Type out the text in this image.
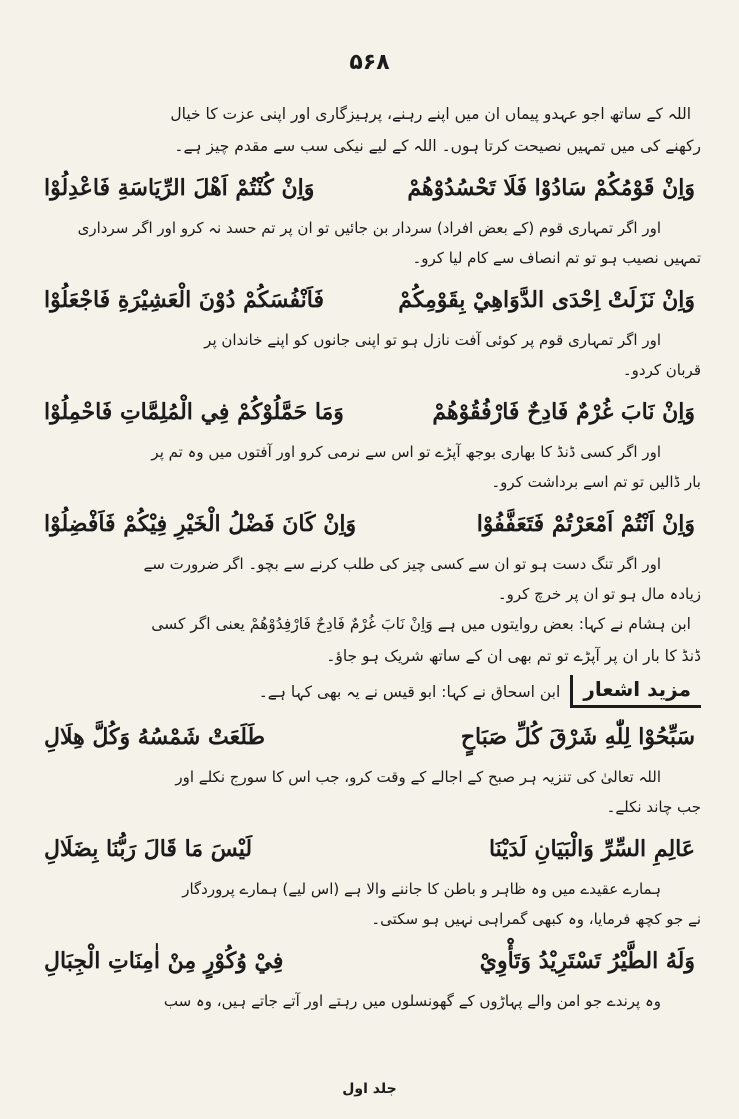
۵۶۸
اللہ کے ساتھ اجو عہدو پیماں ان میں اپنے رہنے، پرہیزگاری اور اپنی عزت کا خیال
رکھنے کی میں تمہیں نصیحت کرتا ہوں۔ اللہ کے لیے نیکی سب سے مقدم چیز ہے۔
وَاِنْ قَوْمُكُمْ سَادُوْا فَلَا تَحْسُدُوْهُمْ
وَاِنْ كُنْتُمْ اَهْلَ الرِّيَاسَةِ فَاعْدِلُوْا
اور اگر تمہاری قوم (کے بعض افراد) سردار بن جائیں تو ان پر تم حسد نہ کرو اور اگر سرداری
تمہیں نصیب ہو تو تم انصاف سے کام لیا کرو۔
وَاِنْ نَزَلَتْ اِحْدَى الدَّوَاهِيْ بِقَوْمِكُمْ
فَاَنْفُسَكُمْ دُوْنَ الْعَشِيْرَةِ فَاجْعَلُوْا
اور اگر تمہاری قوم پر کوئی آفت نازل ہو تو اپنی جانوں کو اپنے خاندان پر
قربان کردو۔
وَاِنْ نَابَ غُرْمٌ فَادِحٌ فَارْفُقُوْهُمْ
وَمَا حَمَّلُوْكُمْ فِي الْمُلِمَّاتِ فَاحْمِلُوْا
اور اگر کسی ڈنڈ کا بھاری بوجھ آپڑے تو اس سے نرمی کرو اور آفتوں میں وہ تم پر
بار ڈالیں تو تم اسے برداشت کرو۔
وَاِنْ اَنْتُمْ اَمْعَرْتُمْ فَتَعَفَّفُوْا
وَاِنْ كَانَ فَضْلُ الْخَيْرِ فِيْكُمْ فَاَفْضِلُوْا
اور اگر تنگ دست ہو تو ان سے کسی چیز کی طلب کرنے سے بچو۔ اگر ضرورت سے
زیادہ مال ہو تو ان پر خرچ کرو۔
ابن ہشام نے کہا: بعض روایتوں میں ہے وَاِنْ نَابَ غُرْمٌ فَادِحٌ فَارْفِدُوْهُمْ یعنی اگر کسی
ڈنڈ کا بار ان پر آپڑے تو تم بھی ان کے ساتھ شریک ہو جاؤ۔
مزید اشعار
ابن اسحاق نے کہا: ابو قیس نے یہ بھی کہا ہے۔
سَبِّحُوْا لِلّٰهِ شَرْقَ كُلِّ صَبَاحٍ
طَلَعَتْ شَمْسُهُ وَكُلَّ هِلَالِ
اللہ تعالیٰ کی تنزیہ ہر صبح کے اجالے کے وقت کرو، جب اس کا سورج نکلے اور
جب چاند نکلے۔
عَالِمِ السِّرِّ وَالْبَيَانِ لَدَيْنَا
لَيْسَ مَا قَالَ رَبُّنَا بِضَلَالِ
ہمارے عقیدے میں وہ ظاہر و باطن کا جاننے والا ہے (اس لیے) ہمارے پروردگار
نے جو کچھ فرمایا، وہ کبھی گمراہی نہیں ہو سکتی۔
وَلَهُ الطَّيْرُ تَسْتَرِيْدُ وَتَأْوِيْ
فِيْ وُكُوْرٍ مِنْ اٰمِنَاتِ الْجِبَالِ
وہ پرندے جو امن والے پہاڑوں کے گھونسلوں میں رہتے اور آتے جاتے ہیں، وہ سب
جلد اول
